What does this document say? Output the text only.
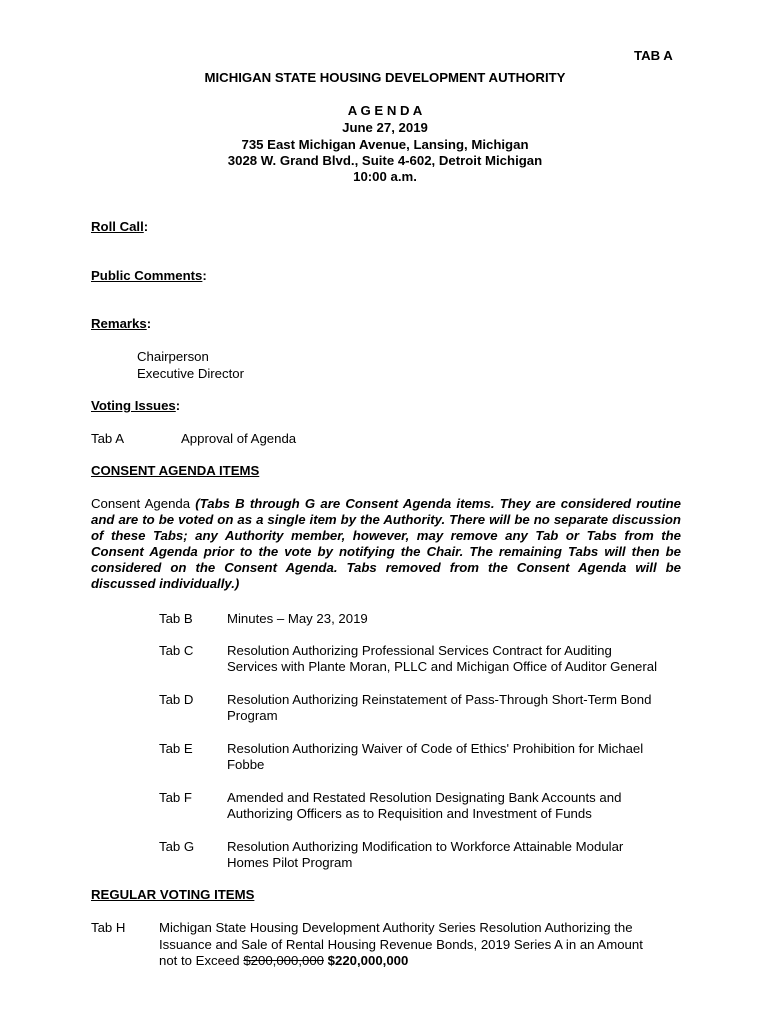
TAB A
MICHIGAN STATE HOUSING DEVELOPMENT AUTHORITY
A G E N D A
June 27, 2019
735 East Michigan Avenue, Lansing, Michigan
3028 W. Grand Blvd., Suite 4-602, Detroit Michigan
10:00 a.m.
Roll Call:
Public Comments:
Remarks:
Chairperson
Executive Director
Voting Issues:
Tab A	Approval of Agenda
CONSENT AGENDA ITEMS
Consent Agenda (Tabs B through G are Consent Agenda items. They are considered routine and are to be voted on as a single item by the Authority. There will be no separate discussion of these Tabs; any Authority member, however, may remove any Tab or Tabs from the Consent Agenda prior to the vote by notifying the Chair. The remaining Tabs will then be considered on the Consent Agenda. Tabs removed from the Consent Agenda will be discussed individually.)
Tab B	Minutes – May 23, 2019
Tab C	Resolution Authorizing Professional Services Contract for Auditing
Services with Plante Moran, PLLC and Michigan Office of Auditor General
Tab D	Resolution Authorizing Reinstatement of Pass-Through Short-Term Bond
Program
Tab E	Resolution Authorizing Waiver of Code of Ethics' Prohibition for Michael
Fobbe
Tab F	Amended and Restated Resolution Designating Bank Accounts and
Authorizing Officers as to Requisition and Investment of Funds
Tab G Resolution Authorizing Modification to Workforce Attainable Modular
Homes Pilot Program
REGULAR VOTING ITEMS
Tab H	Michigan State Housing Development Authority Series Resolution Authorizing the
Issuance and Sale of Rental Housing Revenue Bonds, 2019 Series A in an Amount
not to Exceed $200,000,000 $220,000,000
